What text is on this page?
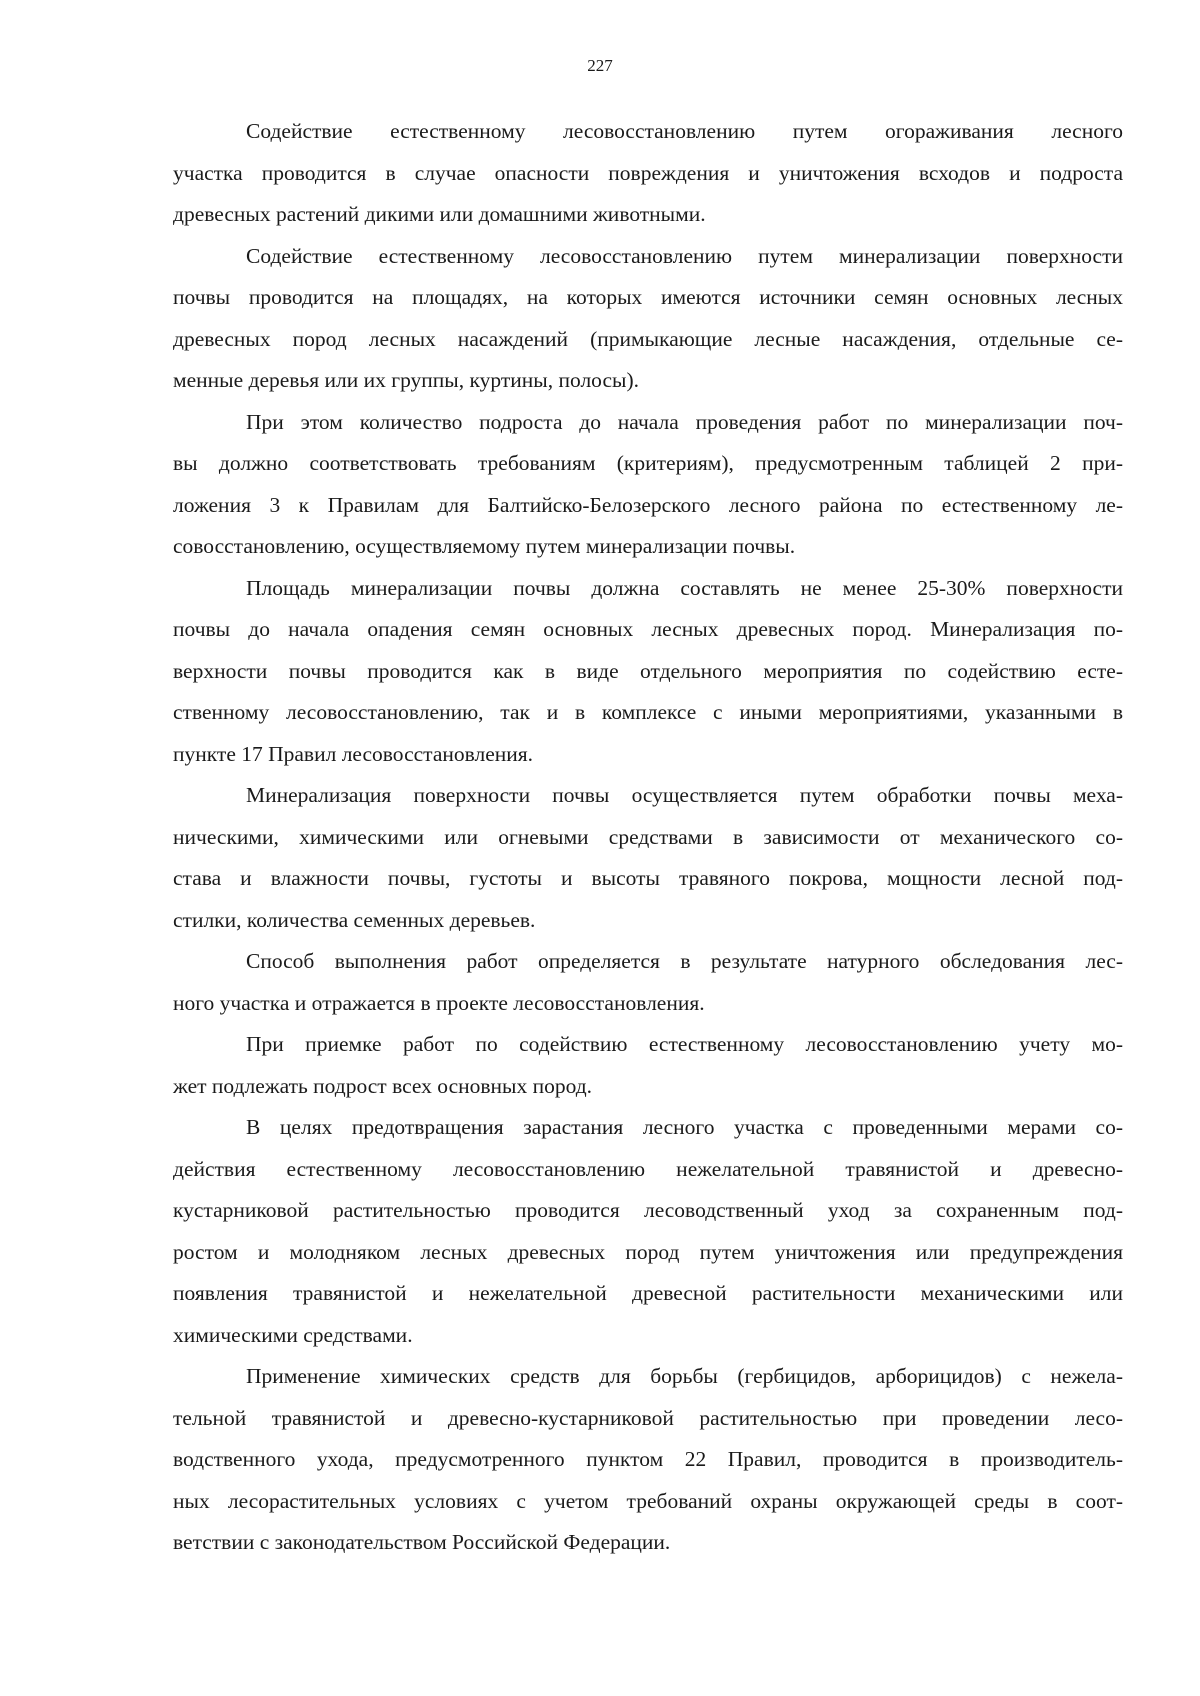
227
Содействие естественному лесовосстановлению путем огораживания лесного
участка проводится в случае опасности повреждения и уничтожения всходов и подроста
древесных растений дикими или домашними животными.
Содействие естественному лесовосстановлению путем минерализации поверхности
почвы проводится на площадях, на которых имеются источники семян основных лесных
древесных пород лесных насаждений (примыкающие лесные насаждения, отдельные се-
менные деревья или их группы, куртины, полосы).
При этом количество подроста до начала проведения работ по минерализации поч-
вы должно соответствовать требованиям (критериям), предусмотренным таблицей 2 при-
ложения 3 к Правилам для Балтийско-Белозерского лесного района по естественному ле-
совосстановлению, осуществляемому путем минерализации почвы.
Площадь минерализации почвы должна составлять не менее 25-30% поверхности
почвы до начала опадения семян основных лесных древесных пород. Минерализация по-
верхности почвы проводится как в виде отдельного мероприятия по содействию есте-
ственному лесовосстановлению, так и в комплексе с иными мероприятиями, указанными в
пункте 17 Правил лесовосстановления.
Минерализация поверхности почвы осуществляется путем обработки почвы меха-
ническими, химическими или огневыми средствами в зависимости от механического со-
става и влажности почвы, густоты и высоты травяного покрова, мощности лесной под-
стилки, количества семенных деревьев.
Способ выполнения работ определяется в результате натурного обследования лес-
ного участка и отражается в проекте лесовосстановления.
При приемке работ по содействию естественному лесовосстановлению учету мо-
жет подлежать подрост всех основных пород.
В целях предотвращения зарастания лесного участка с проведенными мерами со-
действия естественному лесовосстановлению нежелательной травянистой и древесно-
кустарниковой растительностью проводится лесоводственный уход за сохраненным под-
ростом и молодняком лесных древесных пород путем уничтожения или предупреждения
появления травянистой и нежелательной древесной растительности механическими или
химическими средствами.
Применение химических средств для борьбы (гербицидов, арборицидов) с нежела-
тельной травянистой и древесно-кустарниковой растительностью при проведении лесо-
водственного ухода, предусмотренного пунктом 22 Правил, проводится в производитель-
ных лесорастительных условиях с учетом требований охраны окружающей среды в соот-
ветствии с законодательством Российской Федерации.
